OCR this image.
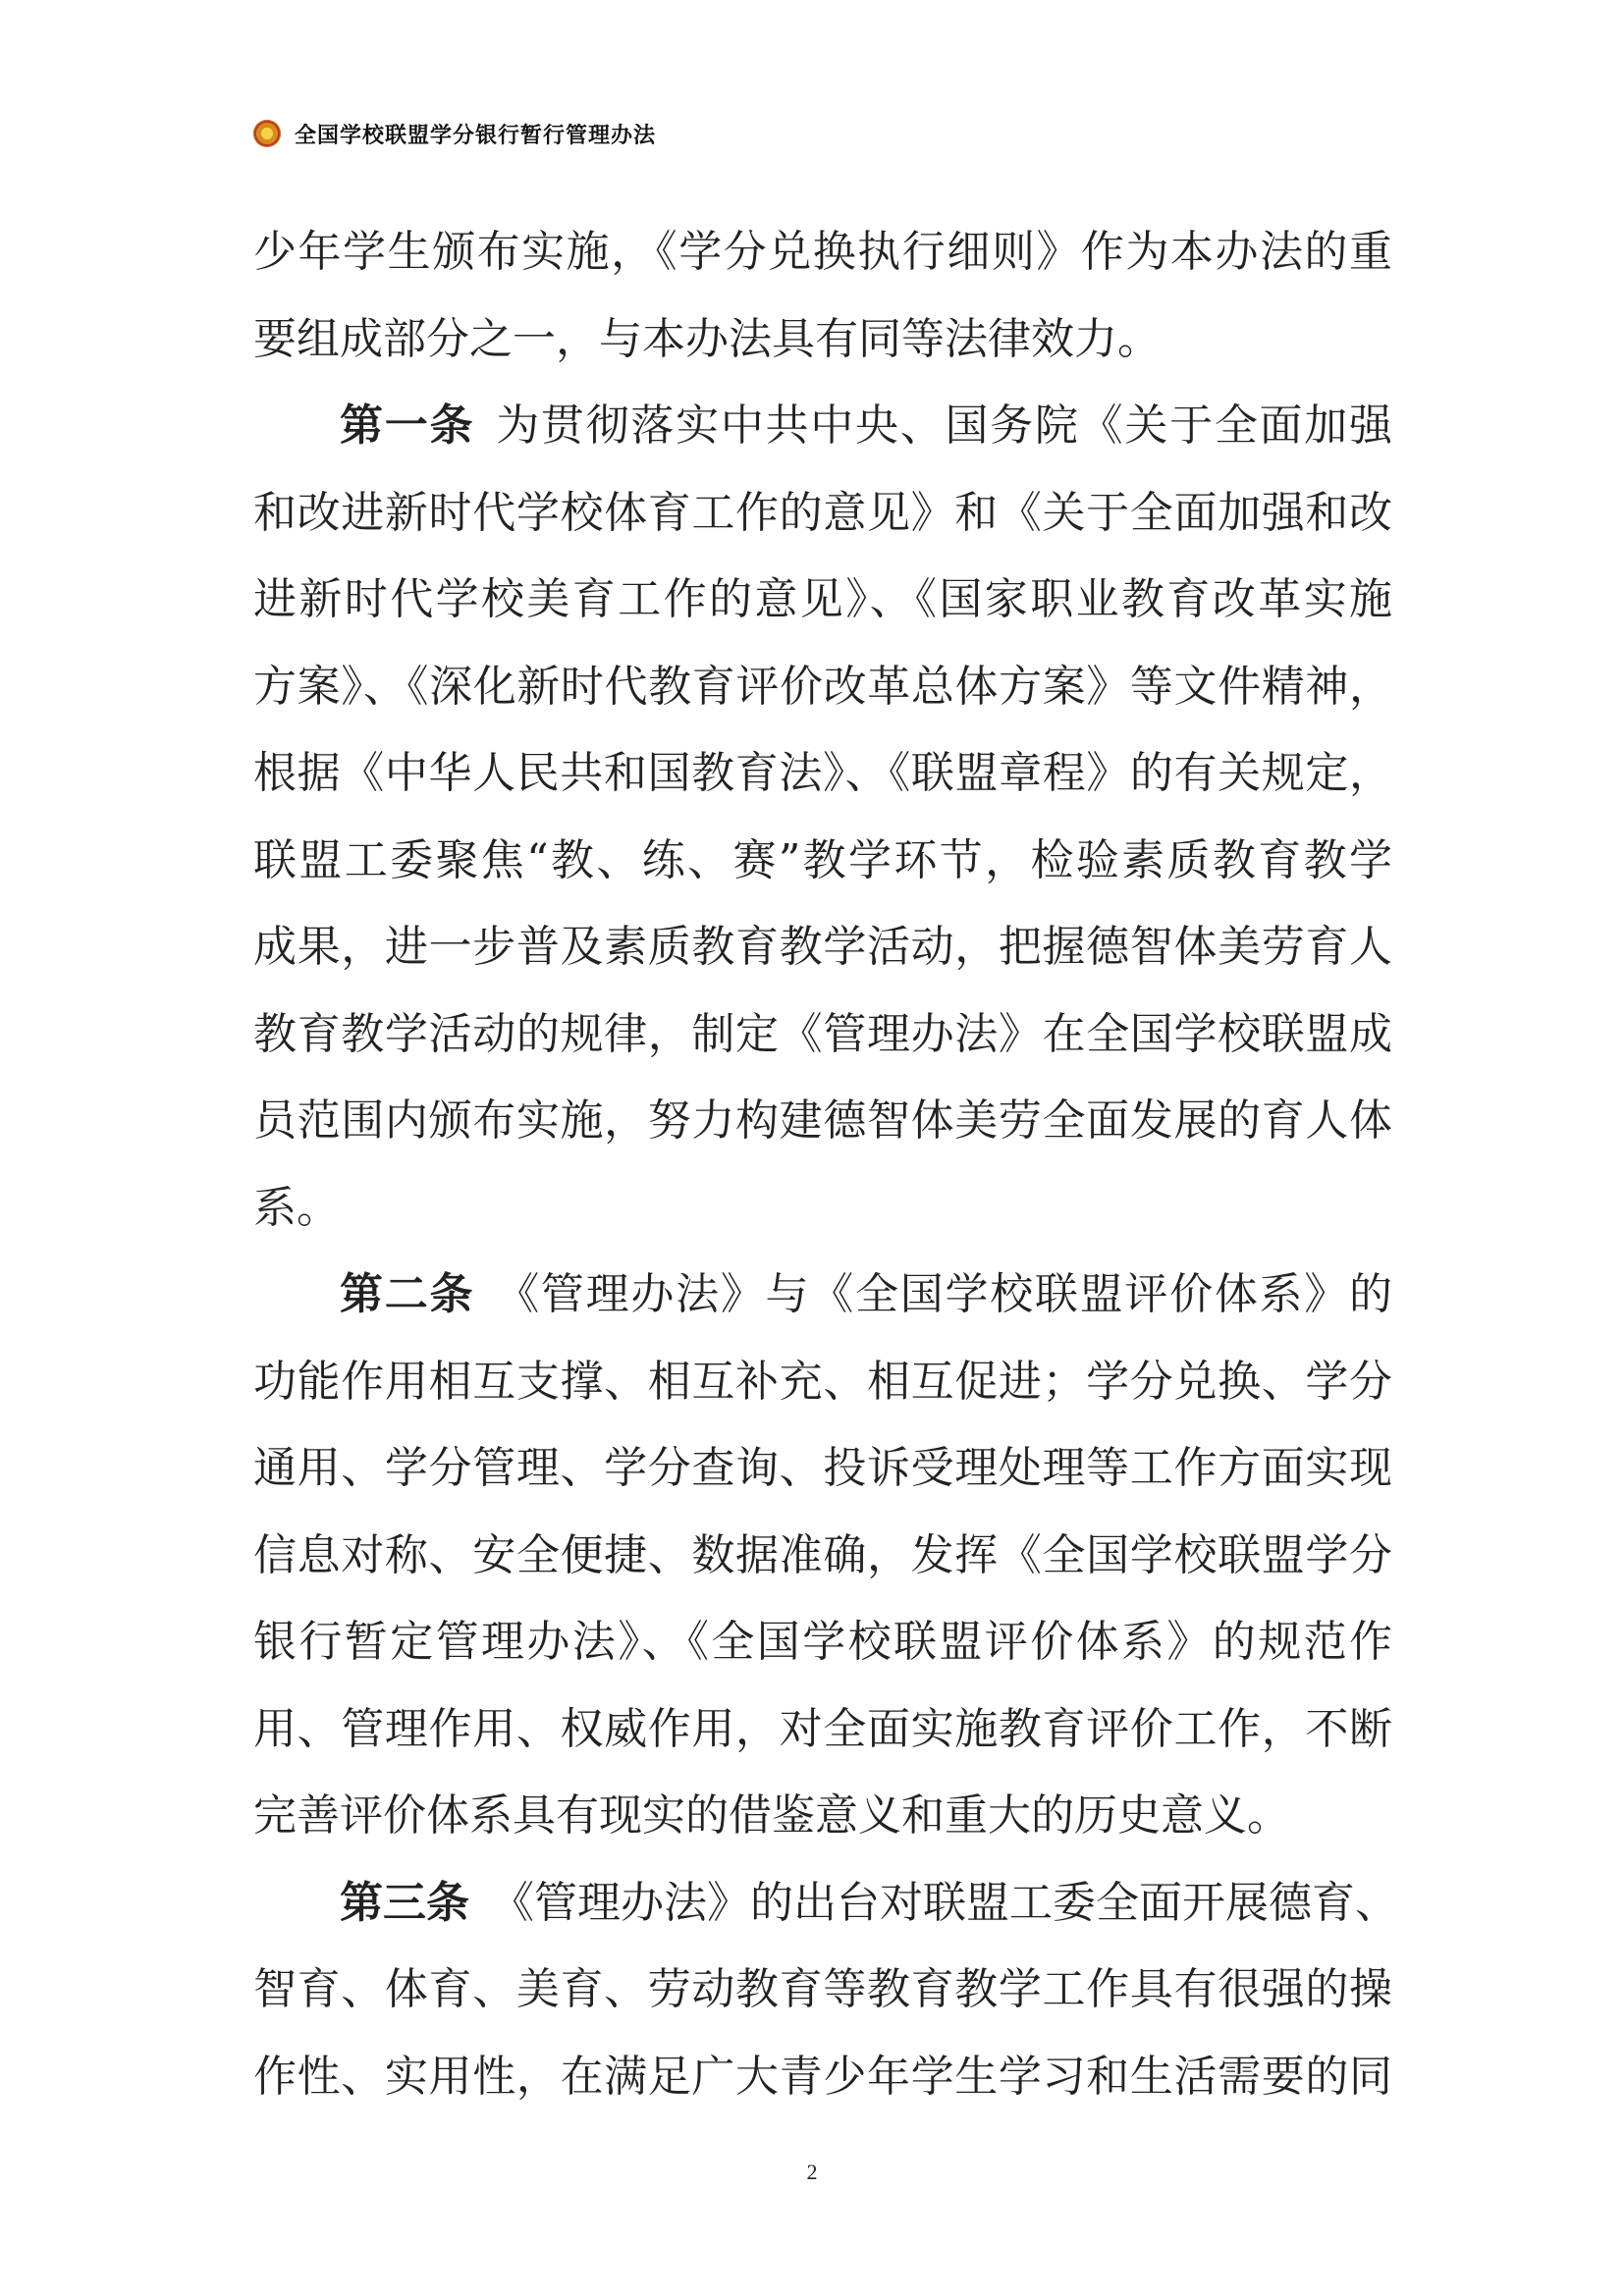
全国学校联盟学分银行暂行管理办法
少年学生颁布实施，《学分兑换执行细则》作为本办法的重
要组成部分之一，与本办法具有同等法律效力。
第一条 为贯彻落实中共中央、国务院《关于全面加强
和改进新时代学校体育工作的意见》和《关于全面加强和改
进新时代学校美育工作的意见》、《国家职业教育改革实施
方案》、《深化新时代教育评价改革总体方案》等文件精神，
根据《中华人民共和国教育法》、《联盟章程》的有关规定，
联盟工委聚焦“教、练、赛”教学环节，检验素质教育教学
成果，进一步普及素质教育教学活动，把握德智体美劳育人
教育教学活动的规律，制定《管理办法》在全国学校联盟成
员范围内颁布实施，努力构建德智体美劳全面发展的育人体
系。
第二条 《管理办法》与《全国学校联盟评价体系》的
功能作用相互支撑、相互补充、相互促进；学分兑换、学分
通用、学分管理、学分查询、投诉受理处理等工作方面实现
信息对称、安全便捷、数据准确，发挥《全国学校联盟学分
银行暂定管理办法》、《全国学校联盟评价体系》的规范作
用、管理作用、权威作用，对全面实施教育评价工作，不断
完善评价体系具有现实的借鉴意义和重大的历史意义。
第三条 《管理办法》的出台对联盟工委全面开展德育、
智育、体育、美育、劳动教育等教育教学工作具有很强的操
作性、实用性，在满足广大青少年学生学习和生活需要的同
2
